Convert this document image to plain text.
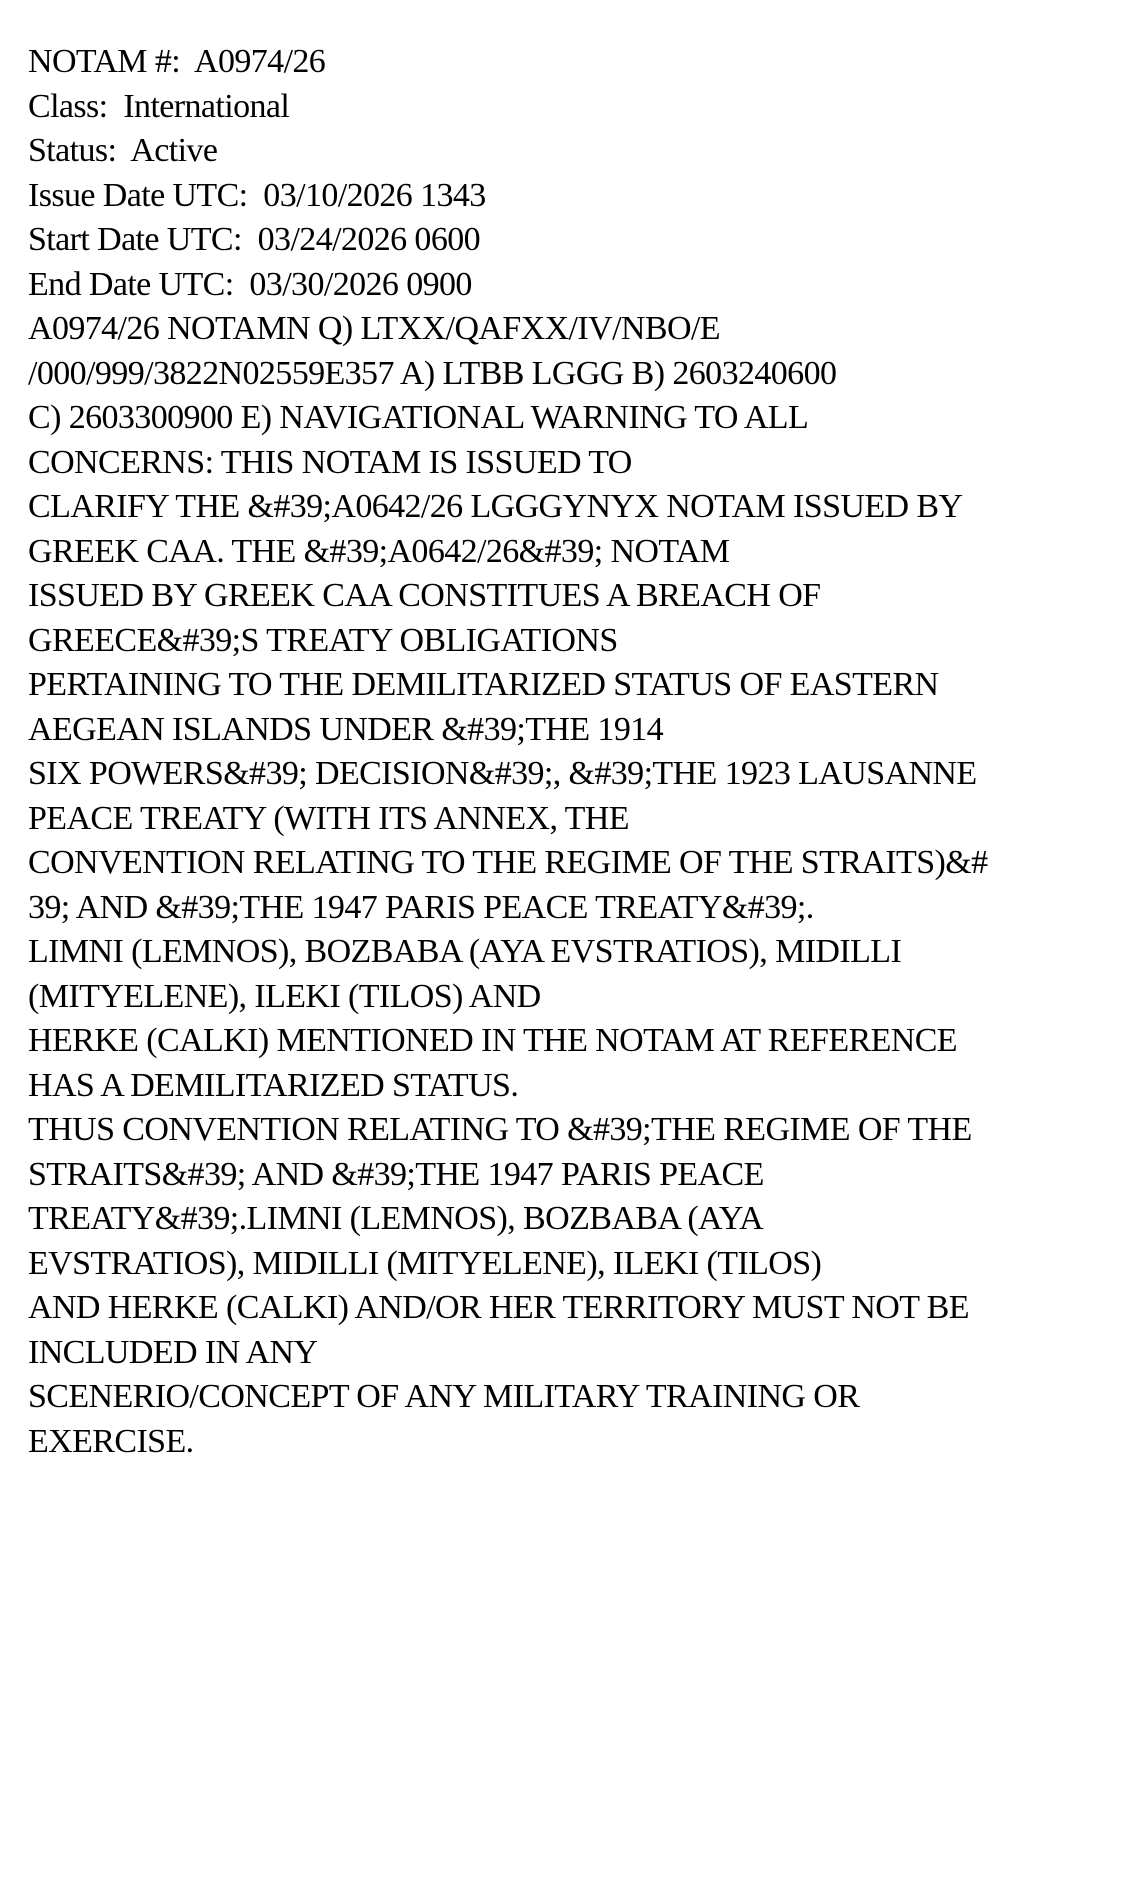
NOTAM #:  A0974/26
Class:  International
Status:  Active
Issue Date UTC:  03/10/2026 1343
Start Date UTC:  03/24/2026 0600
End Date UTC:  03/30/2026 0900
A0974/26 NOTAMN Q) LTXX/QAFXX/IV/NBO/E
/000/999/3822N02559E357 A) LTBB LGGG B) 2603240600
C) 2603300900 E) NAVIGATIONAL WARNING TO ALL
CONCERNS: THIS NOTAM IS ISSUED TO
CLARIFY THE &#39;A0642/26 LGGGYNYX NOTAM ISSUED BY
GREEK CAA. THE &#39;A0642/26&#39; NOTAM
ISSUED BY GREEK CAA CONSTITUES A BREACH OF
GREECE&#39;S TREATY OBLIGATIONS
PERTAINING TO THE DEMILITARIZED STATUS OF EASTERN
AEGEAN ISLANDS UNDER &#39;THE 1914
SIX POWERS&#39; DECISION&#39;, &#39;THE 1923 LAUSANNE
PEACE TREATY (WITH ITS ANNEX, THE
CONVENTION RELATING TO THE REGIME OF THE STRAITS)&#
39; AND &#39;THE 1947 PARIS PEACE TREATY&#39;.
LIMNI (LEMNOS), BOZBABA (AYA EVSTRATIOS), MIDILLI
(MITYELENE), ILEKI (TILOS) AND
HERKE (CALKI) MENTIONED IN THE NOTAM AT REFERENCE
HAS A DEMILITARIZED STATUS.
THUS CONVENTION RELATING TO &#39;THE REGIME OF THE
STRAITS&#39; AND &#39;THE 1947 PARIS PEACE
TREATY&#39;.LIMNI (LEMNOS), BOZBABA (AYA
EVSTRATIOS), MIDILLI (MITYELENE), ILEKI (TILOS)
AND HERKE (CALKI) AND/OR HER TERRITORY MUST NOT BE
INCLUDED IN ANY
SCENERIO/CONCEPT OF ANY MILITARY TRAINING OR
EXERCISE.
